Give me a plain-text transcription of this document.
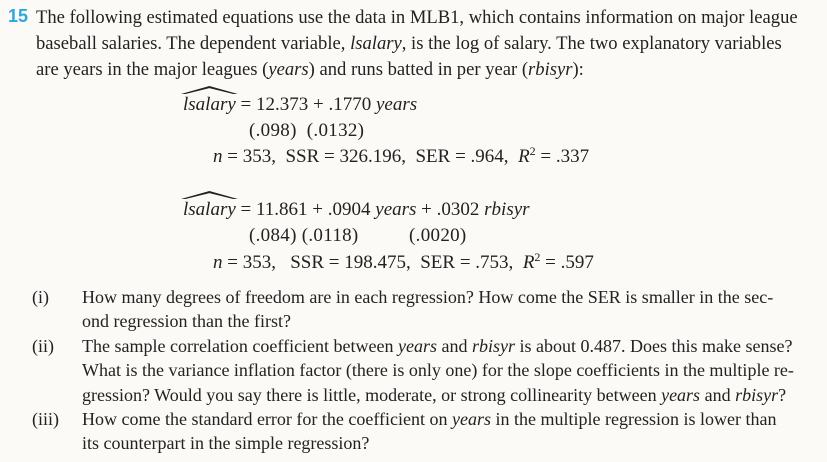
15 The following estimated equations use the data in MLB1, which contains information on major league
baseball salaries. The dependent variable, lsalary, is the log of salary. The two explanatory variables
are years in the major leagues (years) and runs batted in per year (rbisyr):
lsalary = 12.373 + .1770 years
(.098)  (.0132)
n = 353,  SSR = 326.196,  SER = .964,  $R^2 = .337$
lsalary = 11.861 + .0904 years + .0302 rbisyr
(.084) (.0118)          (.0020)
n = 353,   SSR = 198.475,  SER = .753,  $R^2 = .597$
(i)	How many degrees of freedom are in each regression? How come the SER is smaller in the sec-
ond regression than the first?
(ii)	The sample correlation coefficient between years and rbisyr is about 0.487. Does this make sense?
What is the variance inflation factor (there is only one) for the slope coefficients in the multiple re-
gression? Would you say there is little, moderate, or strong collinearity between years and rbisyr?
(iii)	How come the standard error for the coefficient on years in the multiple regression is lower than
its counterpart in the simple regression?
